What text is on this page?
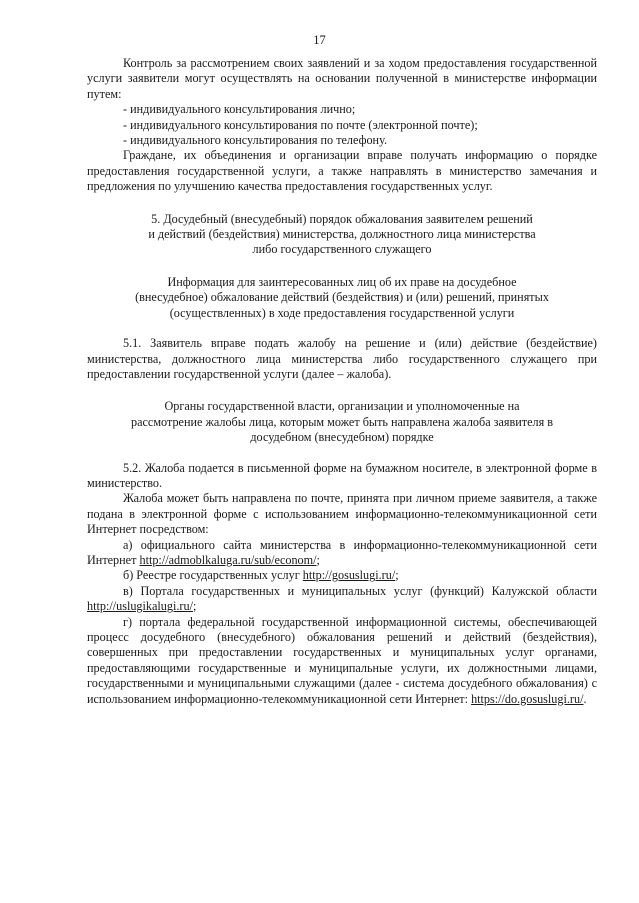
17

Контроль за рассмотрением своих заявлений и за ходом предоставления государственной услуги заявители могут осуществлять на основании полученной в министерстве информации путем:

- индивидуального консультирования лично;

- индивидуального консультирования по почте (электронной почте);

- индивидуального консультирования по телефону.

Граждане, их объединения и организации вправе получать информацию о порядке предоставления государственной услуги, а также направлять в министерство замечания и предложения по улучшению качества предоставления государственных услуг.

5. Досудебный (внесудебный) порядок обжалования заявителем решений
и действий (бездействия) министерства, должностного лица министерства
либо государственного служащего
Информация для заинтересованных лиц об их праве на досудебное
(внесудебное) обжалование действий (бездействия) и (или) решений, принятых
(осуществленных) в ходе предоставления государственной услуги

5.1. Заявитель вправе подать жалобу на решение и (или) действие (бездействие) министерства, должностного лица министерства либо государственного служащего при предоставлении государственной услуги (далее – жалоба).

Органы государственной власти, организации и уполномоченные на
рассмотрение жалобы лица, которым может быть направлена жалоба заявителя в
досудебном (внесудебном) порядке

5.2. Жалоба подается в письменной форме на бумажном носителе, в электронной форме в министерство.

Жалоба может быть направлена по почте, принята при личном приеме заявителя, а также подана в электронной форме с использованием информационно-телекоммуникационной сети Интернет посредством:

а) официального сайта министерства в информационно-телекоммуникационной сети Интернет http://admoblkaluga.ru/sub/econom/;

б) Реестре государственных услуг http://gosuslugi.ru/;

в) Портала государственных и муниципальных услуг (функций) Калужской области http://uslugikalugi.ru/;

г) портала федеральной государственной информационной системы, обеспечивающей процесс досудебного (внесудебного) обжалования решений и действий (бездействия), совершенных при предоставлении государственных и муниципальных услуг органами, предоставляющими государственные и муниципальные услуги, их должностными лицами, государственными и муниципальными служащими (далее - система досудебного обжалования) с использованием информационно-телекоммуникационной сети Интернет: https://do.gosuslugi.ru/.
